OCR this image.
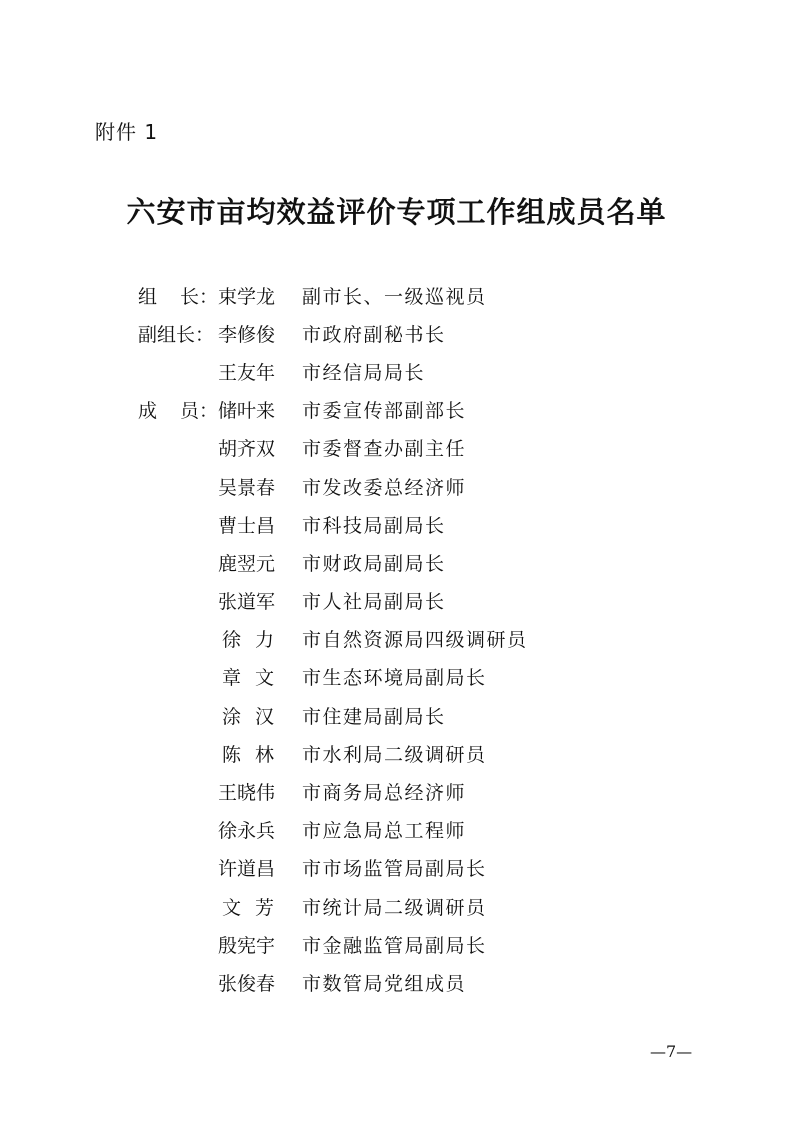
附件 1
六安市亩均效益评价专项工作组成员名单
组 长： 束学龙 副市长、一级巡视员
副组长： 李修俊 市政府副秘书长
王友年 市经信局局长
成 员： 储叶来 市委宣传部副部长
胡齐双 市委督查办副主任
吴景春 市发改委总经济师
曹士昌 市科技局副局长
鹿翌元 市财政局副局长
张道军 市人社局副局长
徐 力 市自然资源局四级调研员
章 文 市生态环境局副局长
涂 汉 市住建局副局长
陈 林 市水利局二级调研员
王晓伟 市商务局总经济师
徐永兵 市应急局总工程师
许道昌 市市场监管局副局长
文 芳 市统计局二级调研员
殷宪宇 市金融监管局副局长
张俊春 市数管局党组成员
—7—
